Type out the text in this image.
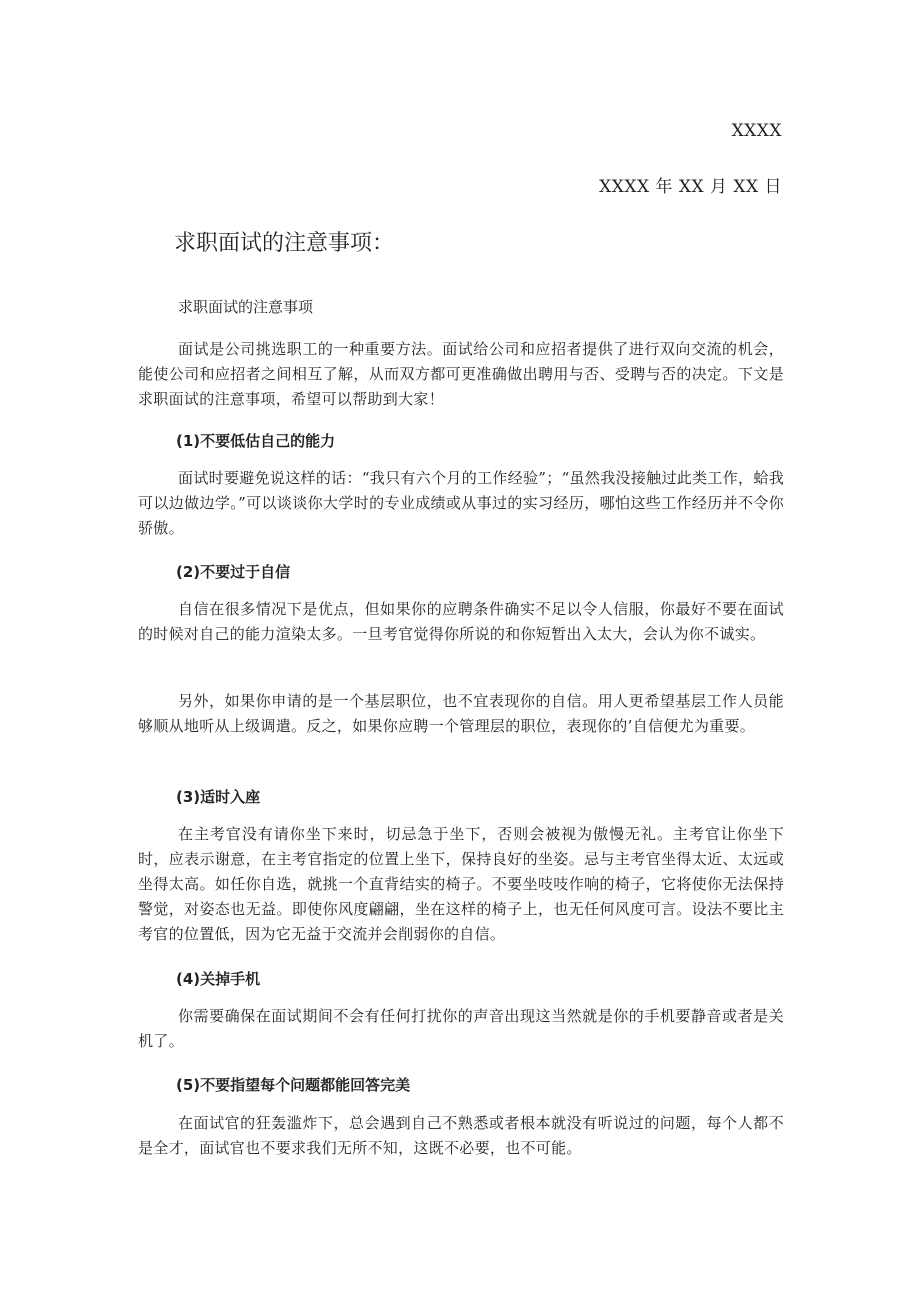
XXXX
XXXX 年 XX 月 XX 日
求职面试的注意事项：
求职面试的注意事项
面试是公司挑选职工的一种重要方法。面试给公司和应招者提供了进行双向交流的机会，能使公司和应招者之间相互了解，从而双方都可更准确做出聘用与否、受聘与否的决定。下文是求职面试的注意事项，希望可以帮助到大家！
(1)不要低估自己的能力
面试时要避免说这样的话：“我只有六个月的工作经验”；“虽然我没接触过此类工作，蛤我可以边做边学。”可以谈谈你大学时的专业成绩或从事过的实习经历，哪怕这些工作经历并不令你骄傲。
(2)不要过于自信
自信在很多情况下是优点，但如果你的应聘条件确实不足以令人信服，你最好不要在面试的时候对自己的能力渲染太多。一旦考官觉得你所说的和你短暂出入太大，会认为你不诚实。
另外，如果你申请的是一个基层职位，也不宜表现你的自信。用人更希望基层工作人员能够顺从地听从上级调遣。反之，如果你应聘一个管理层的职位，表现你的’自信便尤为重要。
(3)适时入座
在主考官没有请你坐下来时，切忌急于坐下，否则会被视为傲慢无礼。主考官让你坐下时，应表示谢意，在主考官指定的位置上坐下，保持良好的坐姿。忌与主考官坐得太近、太远或坐得太高。如任你自选，就挑一个直背结实的椅子。不要坐吱吱作响的椅子，它将使你无法保持警觉，对姿态也无益。即使你风度翩翩，坐在这样的椅子上，也无任何风度可言。设法不要比主考官的位置低，因为它无益于交流并会削弱你的自信。
(4)关掉手机
你需要确保在面试期间不会有任何打扰你的声音出现这当然就是你的手机要静音或者是关机了。
(5)不要指望每个问题都能回答完美
在面试官的狂轰滥炸下，总会遇到自己不熟悉或者根本就没有听说过的问题，每个人都不是全才，面试官也不要求我们无所不知，这既不必要，也不可能。
